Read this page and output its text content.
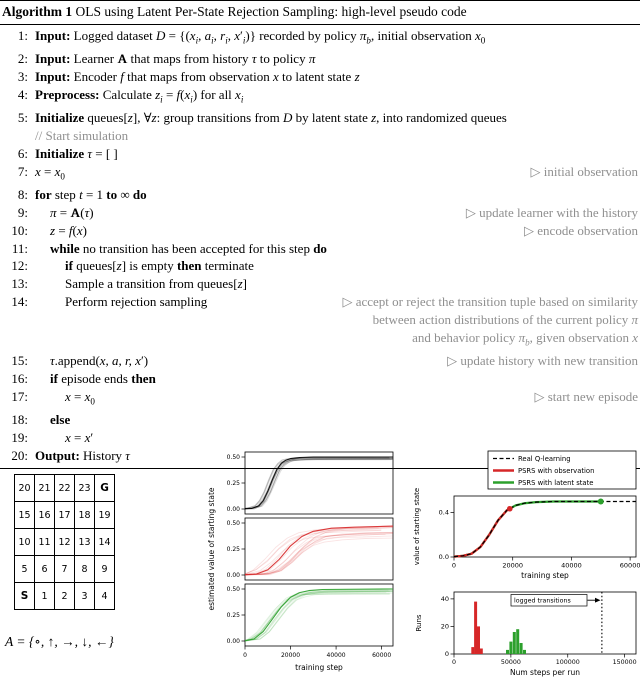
Algorithm 1 OLS using Latent Per-State Rejection Sampling: high-level pseudo code
1: Input: Logged dataset $D = \{(x_i$, $a_i$, $r_i$, $x'_i$)} recorded by policy $\pi_b$, initial observation $x_0$
2: Input: Learner A that maps from history τ to policy π
3: Input: Encoder f that maps from observation x to latent state z
4: Preprocess: Calculate $z_i = f(x_i)$ for all $x_i$
5: Initialize queues[z], ∀z: group transitions from D by latent state z, into randomized queues
// Start simulation
6: Initialize τ = [ ]
7: $x = x_0$	▷ initial observation
8: for step t = 1 to ∞ do
9:	π = A(τ)	▷ update learner with the history
10:	z = f(x)	▷ encode observation
11:	while no transition has been accepted for this step do
12:	if queues[z] is empty then terminate
13:	Sample a transition from queues[z]
14:	Perform rejection sampling	▷ accept or reject the transition tuple based on similarity
between action distributions of the current policy π
and behavior policy $\pi_b$, given observation x
15:	τ.append(x, a, r, x′)	▷ update history with new transition
16:	if episode ends then
17:	$x = x_0$	▷ start new episode
18:	else
19:	x = x′
20: Output: History τ
20	21	22	23	G
15	16	17	18	19
10	11	12	13	14
5	6	7	8	9
S	1	2	3	4
A = {∘, ↑, →, ↓, ←}
estimated value of starting state
0.50
0.25
0.00
0.50
0.25
0.00
0.50
0.25
0.00
0	20000	40000	60000
training step
Real Q-learning
PSRS with observation
PSRS with latent state
0.0
0.4
0	20000	40000	60000
training step
value of starting state
0
20
40
0	50000	100000	150000
Num steps per run
Runs
logged transitions
